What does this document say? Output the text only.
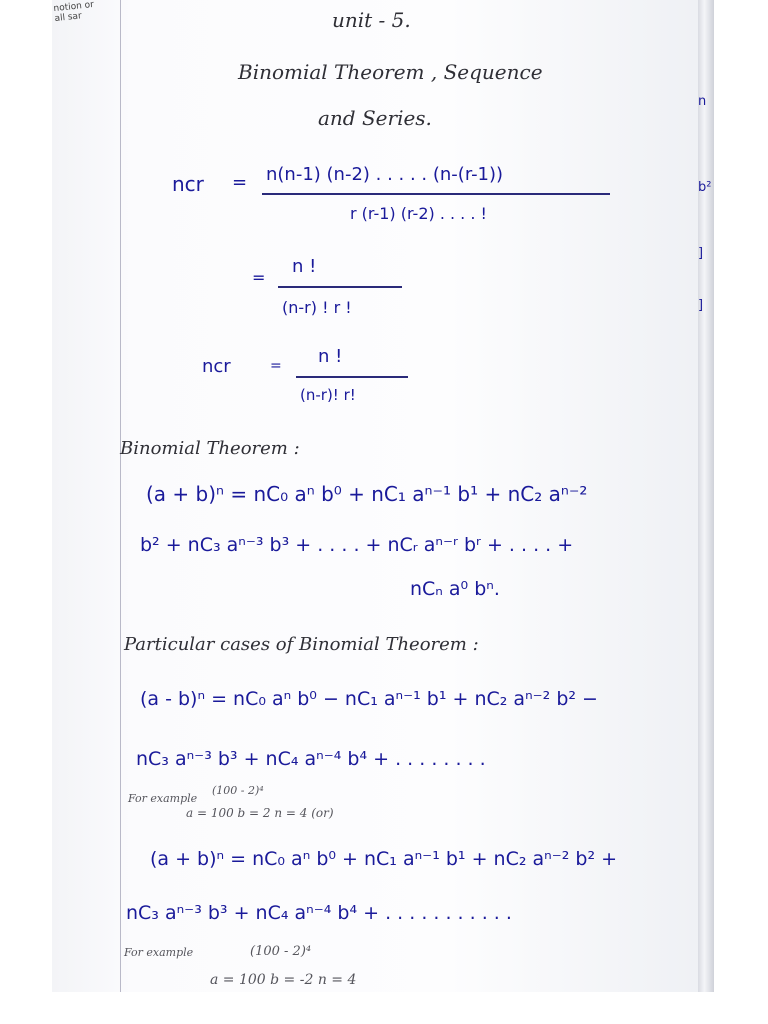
notion or
all sar	unit - 5.
Binomial Theorem , Sequence
and Series.
ncr = n(n-1) (n-2) . . . . . (n-(r-1))
r (r-1) (r-2) . . . . !
=
n !
(n-r) ! r !
ncr	= n !
(n-r)! r!
Binomial Theorem :
(a + b)ⁿ = nC₀ aⁿ b⁰ + nC₁ aⁿ⁻¹ b¹ + nC₂ aⁿ⁻²
b² + nC₃ aⁿ⁻³ b³ + . . . . + nCᵣ aⁿ⁻ʳ bʳ + . . . . +
nCₙ a⁰ bⁿ.
Particular cases of Binomial Theorem :
(a - b)ⁿ = nC₀ aⁿ b⁰ − nC₁ aⁿ⁻¹ b¹ + nC₂ aⁿ⁻² b² −
nC₃ aⁿ⁻³ b³ + nC₄ aⁿ⁻⁴ b⁴ + . . . . . . . .
For example
(100 - 2)⁴
a = 100 b = 2 n = 4 (or)
(a + b)ⁿ = nC₀ aⁿ b⁰ + nC₁ aⁿ⁻¹ b¹ + nC₂ aⁿ⁻² b² +
nC₃ aⁿ⁻³ b³ + nC₄ aⁿ⁻⁴ b⁴ + . . . . . . . . . . .
For example	(100 - 2)⁴
a = 100 b = -2 n = 4
n
b²
]
]
